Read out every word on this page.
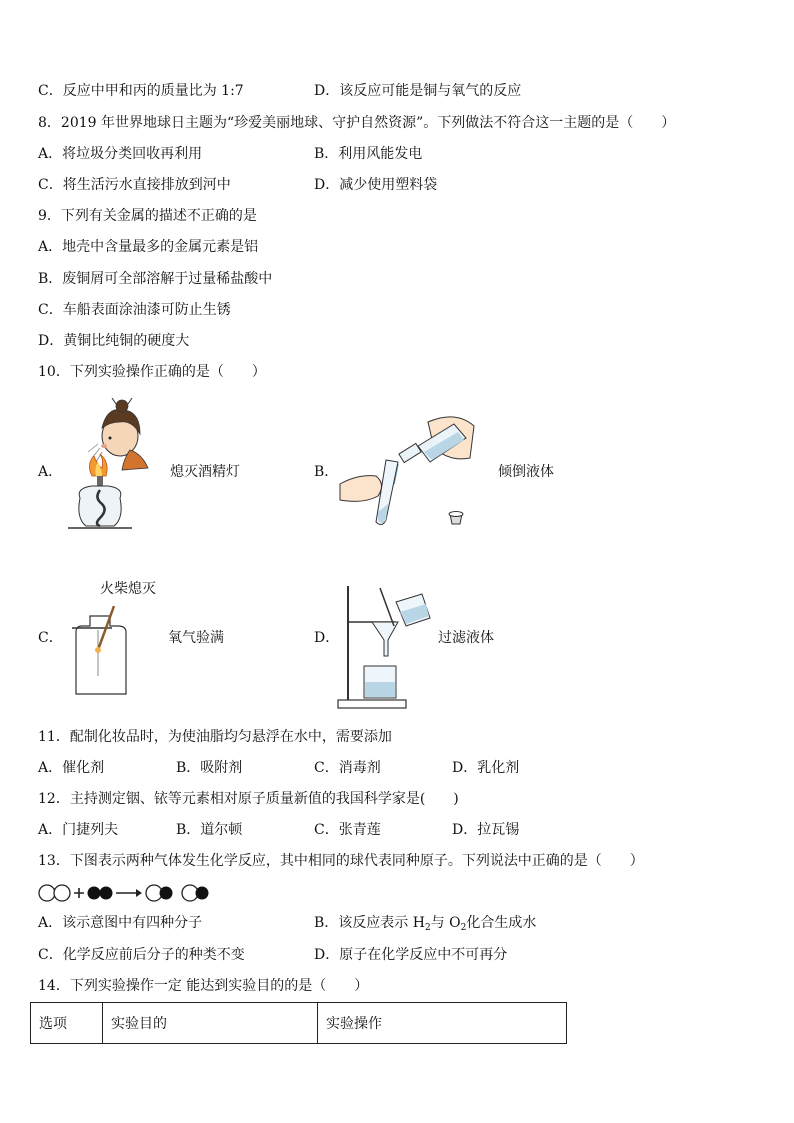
C．反应中甲和丙的质量比为 1:7	D．该反应可能是铜与氧气的反应
8．2019 年世界地球日主题为“珍爱美丽地球、守护自然资源”。下列做法不符合这一主题的是（　　）
A．将垃圾分类回收再利用	B．利用风能发电
C．将生活污水直接排放到河中	D．减少使用塑料袋
9．下列有关金属的描述不正确的是
A．地壳中含量最多的金属元素是铝
B．废铜屑可全部溶解于过量稀盐酸中
C．车船表面涂油漆可防止生锈
D．黄铜比纯铜的硬度大
10．下列实验操作正确的是（　　）
A．	熄灭酒精灯	B．	倾倒液体
火柴熄灭
C．	氧气验满	D．	过滤液体
11．配制化妆品时，为使油脂均匀悬浮在水中，需要添加
A．催化剂	B．吸附剂	C．消毒剂	D．乳化剂
12．主持测定铟、铱等元素相对原子质量新值的我国科学家是(　　)
A．门捷列夫	B．道尔顿	C．张青莲	D．拉瓦锡
13．下图表示两种气体发生化学反应，其中相同的球代表同种原子。下列说法中正确的是（　　）
A．该示意图中有四种分子	B．该反应表示 $H_2$与 $O_2$化合生成水
C．化学反应前后分子的种类不变	D．原子在化学反应中不可再分
14．下列实验操作一定 能达到实验目的的是（　　）
选项	实验目的	实验操作
